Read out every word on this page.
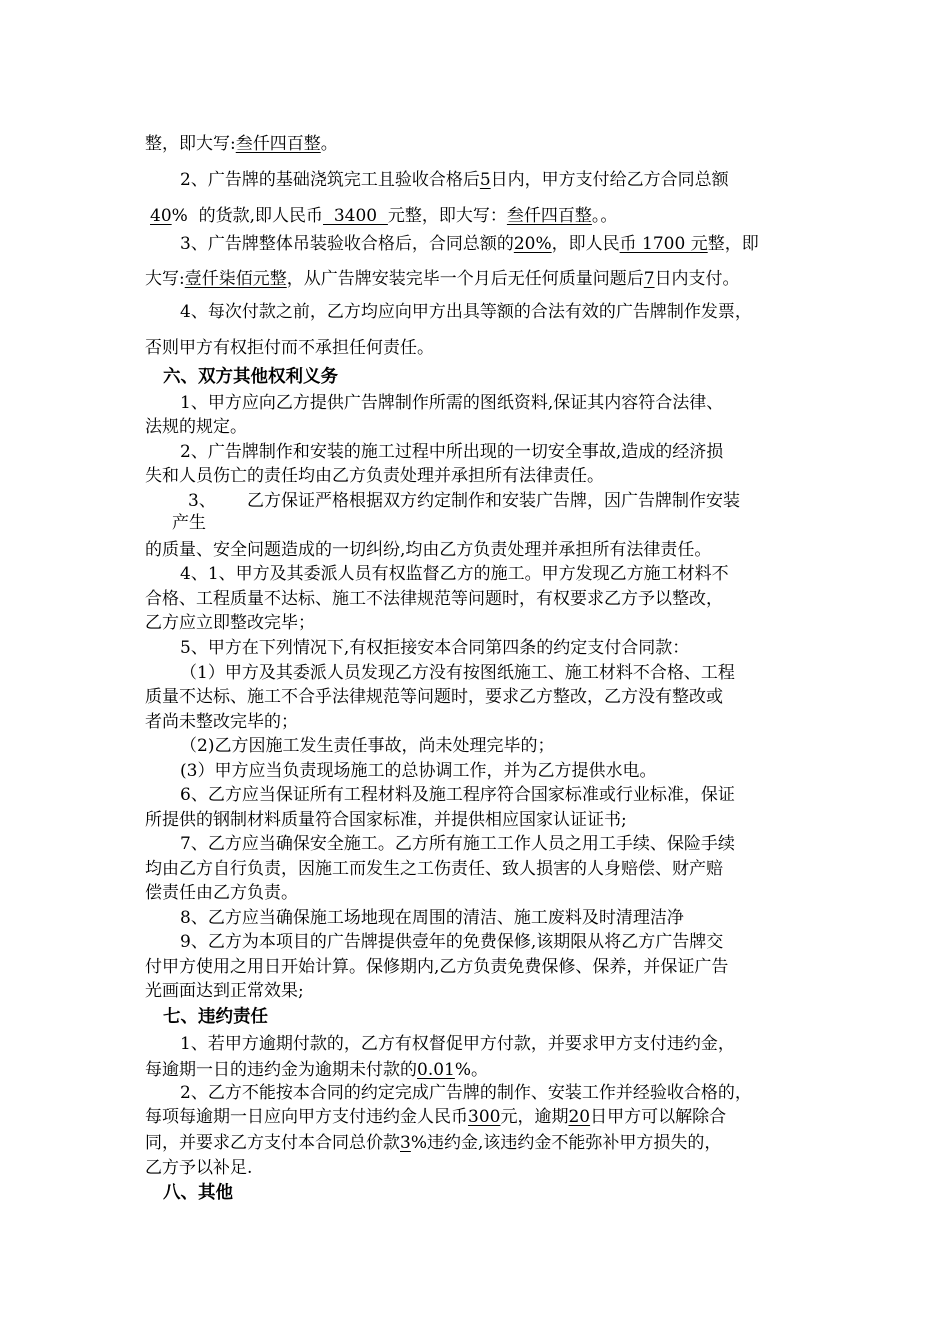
整，即大写:叁仟四百整。
2、广告牌的基础浇筑完工且验收合格后5日内，甲方支付给乙方合同总额
40%  的货款,即人民币  3400  元整，即大写：叁仟四百整。。
3、广告牌整体吊装验收合格后，合同总额的20%，即人民币 1700 元整，即
大写:壹仟柒佰元整，从广告牌安装完毕一个月后无任何质量问题后7日内支付。
4、每次付款之前，乙方均应向甲方出具等额的合法有效的广告牌制作发票，
否则甲方有权拒付而不承担任何责任。
六、双方其他权利义务
1、甲方应向乙方提供广告牌制作所需的图纸资料,保证其内容符合法律、
法规的规定。
2、广告牌制作和安装的施工过程中所出现的一切安全事故,造成的经济损
失和人员伤亡的责任均由乙方负责处理并承担所有法律责任。
3、 乙方保证严格根据双方约定制作和安装广告牌，因广告牌制作安装
产生
的质量、安全问题造成的一切纠纷,均由乙方负责处理并承担所有法律责任。
4、1、甲方及其委派人员有权监督乙方的施工。甲方发现乙方施工材料不
合格、工程质量不达标、施工不法律规范等问题时，有权要求乙方予以整改，
乙方应立即整改完毕；
5、甲方在下列情况下,有权拒接安本合同第四条的约定支付合同款：
（1）甲方及其委派人员发现乙方没有按图纸施工、施工材料不合格、工程
质量不达标、施工不合乎法律规范等问题时，要求乙方整改，乙方没有整改或
者尚未整改完毕的；
（2)乙方因施工发生责任事故，尚未处理完毕的；
(3）甲方应当负责现场施工的总协调工作，并为乙方提供水电。
6、乙方应当保证所有工程材料及施工程序符合国家标准或行业标准，保证
所提供的钢制材料质量符合国家标准，并提供相应国家认证证书;
7、乙方应当确保安全施工。乙方所有施工工作人员之用工手续、保险手续
均由乙方自行负责，因施工而发生之工伤责任、致人损害的人身赔偿、财产赔
偿责任由乙方负责。
8、乙方应当确保施工场地现在周围的清洁、施工废料及时清理洁净
9、乙方为本项目的广告牌提供壹年的免费保修,该期限从将乙方广告牌交
付甲方使用之用日开始计算。保修期内,乙方负责免费保修、保养，并保证广告
光画面达到正常效果;
七、违约责任
1、若甲方逾期付款的，乙方有权督促甲方付款，并要求甲方支付违约金，
每逾期一日的违约金为逾期未付款的0.01%。
2、乙方不能按本合同的约定完成广告牌的制作、安装工作并经验收合格的，
每项每逾期一日应向甲方支付违约金人民币300元，逾期20日甲方可以解除合
同，并要求乙方支付本合同总价款3%违约金,该违约金不能弥补甲方损失的，
乙方予以补足.
八、其他
